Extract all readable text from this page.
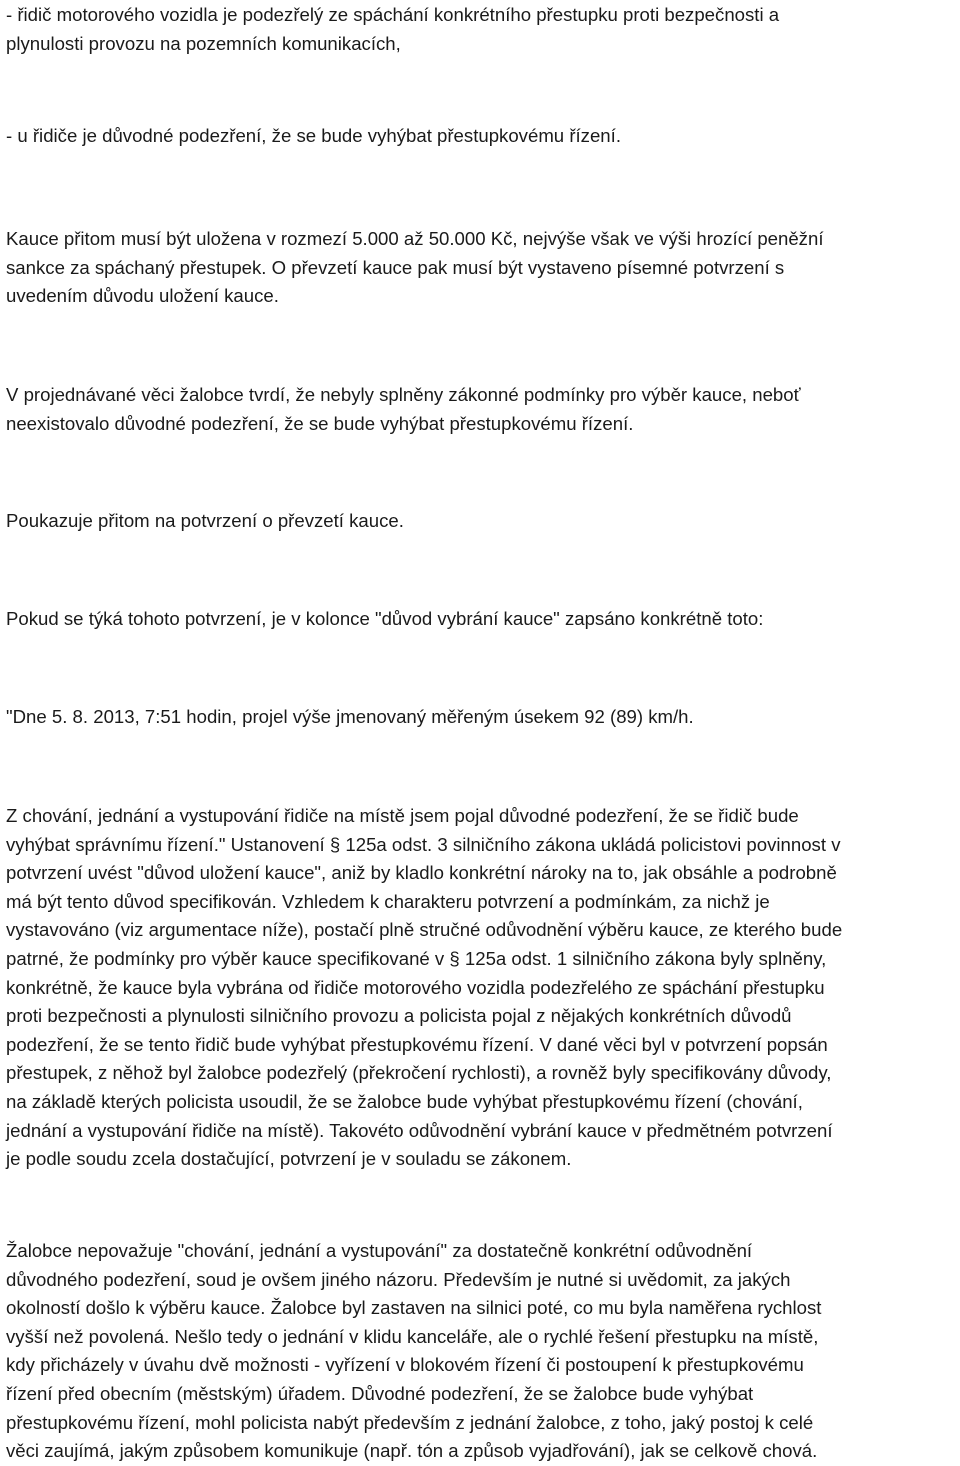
- řidič motorového vozidla je podezřelý ze spáchání konkrétního přestupku proti bezpečnosti a
plynulosti provozu na pozemních komunikacích,

- u řidiče je důvodné podezření, že se bude vyhýbat přestupkovému řízení.

Kauce přitom musí být uložena v rozmezí 5.000 až 50.000 Kč, nejvýše však ve výši hrozící peněžní
sankce za spáchaný přestupek. O převzetí kauce pak musí být vystaveno písemné potvrzení s
uvedením důvodu uložení kauce.

V projednávané věci žalobce tvrdí, že nebyly splněny zákonné podmínky pro výběr kauce, neboť
neexistovalo důvodné podezření, že se bude vyhýbat přestupkovému řízení.

Poukazuje přitom na potvrzení o převzetí kauce.

Pokud se týká tohoto potvrzení, je v kolonce "důvod vybrání kauce" zapsáno konkrétně toto:

"Dne 5. 8. 2013, 7:51 hodin, projel výše jmenovaný měřeným úsekem 92 (89) km/h.

Z chování, jednání a vystupování řidiče na místě jsem pojal důvodné podezření, že se řidič bude
vyhýbat správnímu řízení." Ustanovení § 125a odst. 3 silničního zákona ukládá policistovi povinnost v
potvrzení uvést "důvod uložení kauce", aniž by kladlo konkrétní nároky na to, jak obsáhle a podrobně
má být tento důvod specifikován. Vzhledem k charakteru potvrzení a podmínkám, za nichž je
vystavováno (viz argumentace níže), postačí plně stručné odůvodnění výběru kauce, ze kterého bude
patrné, že podmínky pro výběr kauce specifikované v § 125a odst. 1 silničního zákona byly splněny,
konkrétně, že kauce byla vybrána od řidiče motorového vozidla podezřelého ze spáchání přestupku
proti bezpečnosti a plynulosti silničního provozu a policista pojal z nějakých konkrétních důvodů
podezření, že se tento řidič bude vyhýbat přestupkovému řízení. V dané věci byl v potvrzení popsán
přestupek, z něhož byl žalobce podezřelý (překročení rychlosti), a rovněž byly specifikovány důvody,
na základě kterých policista usoudil, že se žalobce bude vyhýbat přestupkovému řízení (chování,
jednání a vystupování řidiče na místě). Takovéto odůvodnění vybrání kauce v předmětném potvrzení
je podle soudu zcela dostačující, potvrzení je v souladu se zákonem.

Žalobce nepovažuje "chování, jednání a vystupování" za dostatečně konkrétní odůvodnění
důvodného podezření, soud je ovšem jiného názoru. Především je nutné si uvědomit, za jakých
okolností došlo k výběru kauce. Žalobce byl zastaven na silnici poté, co mu byla naměřena rychlost
vyšší než povolená. Nešlo tedy o jednání v klidu kanceláře, ale o rychlé řešení přestupku na místě,
kdy přicházely v úvahu dvě možnosti - vyřízení v blokovém řízení či postoupení k přestupkovému
řízení před obecním (městským) úřadem. Důvodné podezření, že se žalobce bude vyhýbat
přestupkovému řízení, mohl policista nabýt především z jednání žalobce, z toho, jaký postoj k celé
věci zaujímá, jakým způsobem komunikuje (např. tón a způsob vyjadřování), jak se celkově chová.
